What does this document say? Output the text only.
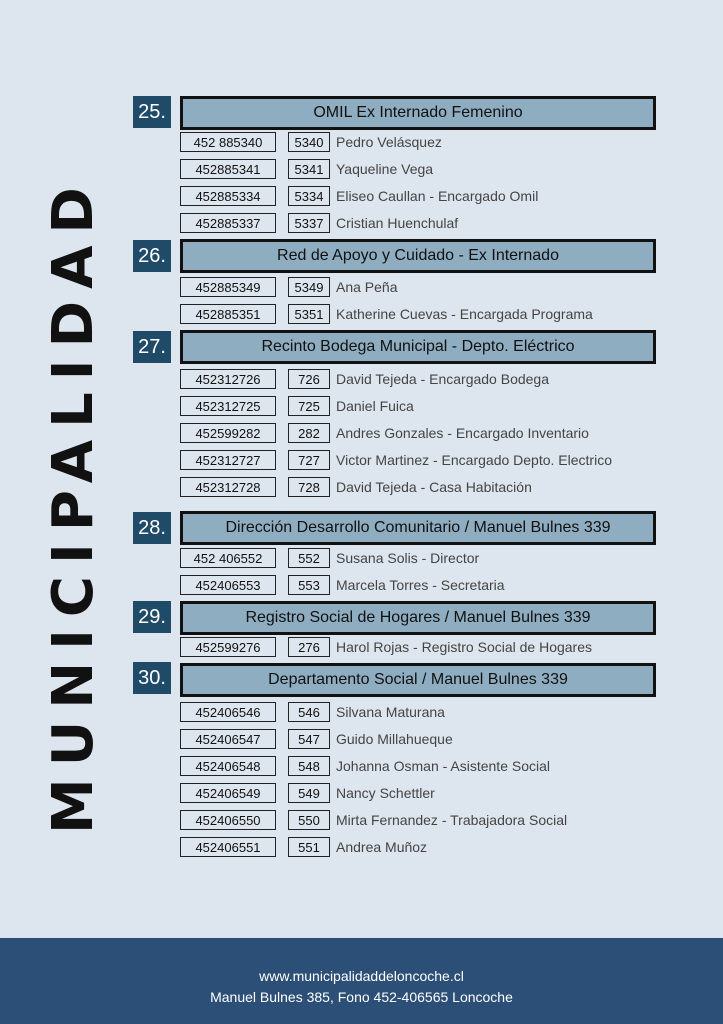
MUNICIPALIDAD
25.	OMIL Ex Internado Femenino
452 885340	5340 Pedro Velásquez
452885341	5341 Yaqueline Vega
452885334	5334 Eliseo Caullan - Encargado Omil
452885337	5337 Cristian Huenchulaf
26.	Red de Apoyo y Cuidado - Ex Internado
452885349	5349 Ana Peña
452885351	5351 Katherine Cuevas - Encargada Programa
27.	Recinto Bodega Municipal - Depto. Eléctrico
452312726	726	David Tejeda - Encargado Bodega
452312725	725	Daniel Fuica
452599282	282	Andres Gonzales - Encargado Inventario
452312727	727	Victor Martinez - Encargado Depto. Electrico
452312728	728	David Tejeda - Casa Habitación
28.	Dirección Desarrollo Comunitario / Manuel Bulnes 339
452 406552	552	Susana Solis - Director
452406553	553	Marcela Torres - Secretaria
29.	Registro Social de Hogares / Manuel Bulnes 339
452599276	276	Harol Rojas - Registro Social de Hogares
30.	Departamento Social / Manuel Bulnes 339
452406546	546	Silvana Maturana
452406547	547	Guido Millahueque
452406548	548	Johanna Osman - Asistente Social
452406549	549	Nancy Schettler
452406550	550	Mirta Fernandez - Trabajadora Social
452406551	551	Andrea Muñoz
www.municipalidaddeloncoche.cl
Manuel Bulnes 385, Fono 452-406565 Loncoche
